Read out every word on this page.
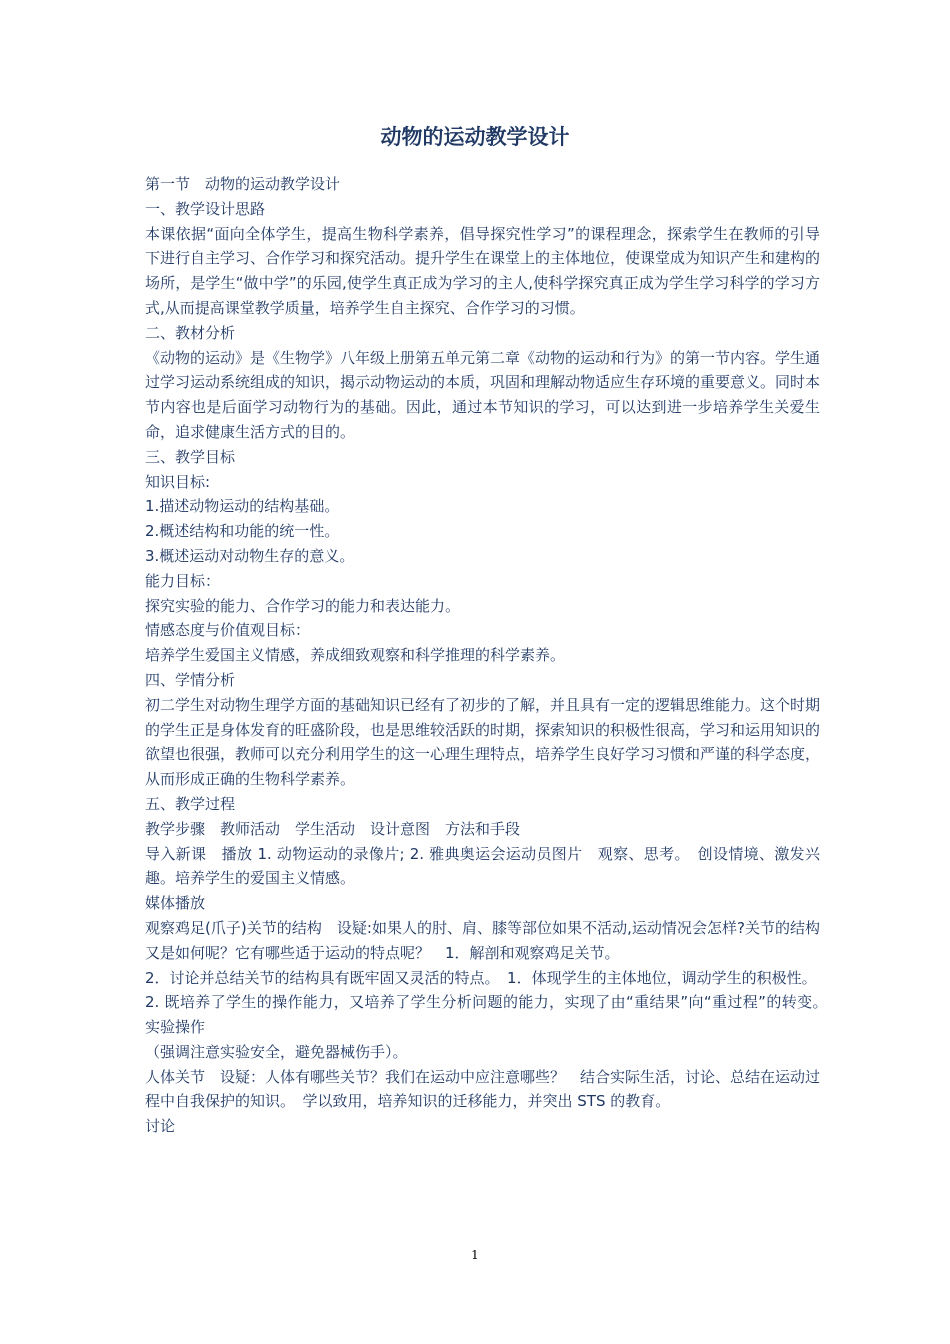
动物的运动教学设计

第一节　动物的运动教学设计

一、教学设计思路

本课依据“面向全体学生，提高生物科学素养，倡导探究性学习”的课程理念，探索学生在教师的引导下进行自主学习、合作学习和探究活动。提升学生在课堂上的主体地位，使课堂成为知识产生和建构的场所，是学生“做中学”的乐园,使学生真正成为学习的主人,使科学探究真正成为学生学习科学的学习方式,从而提高课堂教学质量，培养学生自主探究、合作学习的习惯。

二、教材分析

《动物的运动》是《生物学》八年级上册第五单元第二章《动物的运动和行为》的第一节内容。学生通过学习运动系统组成的知识，揭示动物运动的本质，巩固和理解动物适应生存环境的重要意义。同时本节内容也是后面学习动物行为的基础。因此，通过本节知识的学习，可以达到进一步培养学生关爱生命，追求健康生活方式的目的。

三、教学目标

知识目标:

1.描述动物运动的结构基础。

2.概述结构和功能的统一性。

3.概述运动对动物生存的意义。

能力目标：

探究实验的能力、合作学习的能力和表达能力。

情感态度与价值观目标：

培养学生爱国主义情感，养成细致观察和科学推理的科学素养。

四、学情分析

初二学生对动物生理学方面的基础知识已经有了初步的了解，并且具有一定的逻辑思维能力。这个时期的学生正是身体发育的旺盛阶段，也是思维较活跃的时期，探索知识的积极性很高，学习和运用知识的欲望也很强，教师可以充分利用学生的这一心理生理特点，培养学生良好学习习惯和严谨的科学态度，从而形成正确的生物科学素养。

五、教学过程

教学步骤　教师活动　学生活动　设计意图　方法和手段

导入新课　播放 1. 动物运动的录像片; 2. 雅典奥运会运动员图片　观察、思考。　创设情境、激发兴趣。培养学生的爱国主义情感。

媒体播放

观察鸡足(爪子)关节的结构　设疑:如果人的肘、肩、膝等部位如果不活动,运动情况会怎样?关节的结构又是如何呢？它有哪些适于运动的特点呢？　1．解剖和观察鸡足关节。

2．讨论并总结关节的结构具有既牢固又灵活的特点。　1．体现学生的主体地位，调动学生的积极性。

2. 既培养了学生的操作能力，又培养了学生分析问题的能力，实现了由“重结果”向“重过程”的转变。　实验操作

（强调注意实验安全，避免器械伤手）。

人体关节　设疑：人体有哪些关节？我们在运动中应注意哪些？　结合实际生活，讨论、总结在运动过程中自我保护的知识。　学以致用，培养知识的迁移能力，并突出 STS 的教育。

讨论

1
